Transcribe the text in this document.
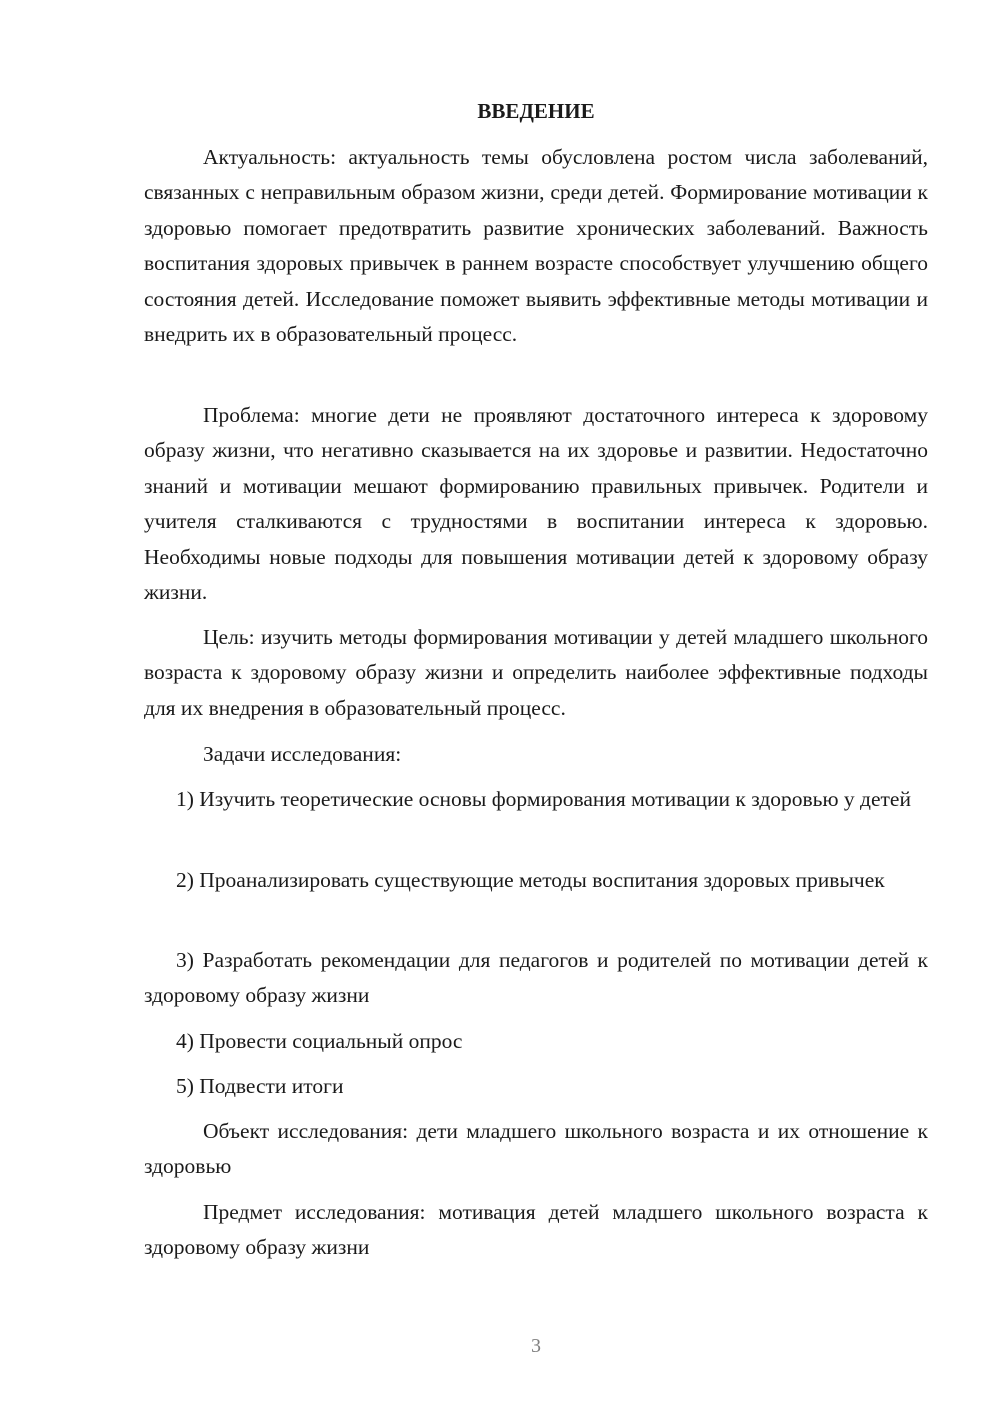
ВВЕДЕНИЕ

Актуальность: актуальность темы обусловлена ростом числа заболеваний, связанных с неправильным образом жизни, среди детей. Формирование мотивации к здоровью помогает предотвратить развитие хронических заболеваний. Важность воспитания здоровых привычек в раннем возрасте способствует улучшению общего состояния детей. Исследование поможет выявить эффективные методы мотивации и внедрить их в образовательный процесс.

Проблема: многие дети не проявляют достаточного интереса к здоровому образу жизни, что негативно сказывается на их здоровье и развитии. Недостаточно знаний и мотивации мешают формированию правильных привычек. Родители и учителя сталкиваются с трудностями в воспитании интереса к здоровью. Необходимы новые подходы для повышения мотивации детей к здоровому образу жизни.

Цель: изучить методы формирования мотивации у детей младшего школьного возраста к здоровому образу жизни и определить наиболее эффективные подходы для их внедрения в образовательный процесс.

Задачи исследования:

1) Изучить теоретические основы формирования мотивации к здоровью у детей

2) Проанализировать существующие методы воспитания здоровых привычек

3) Разработать рекомендации для педагогов и родителей по мотивации детей к здоровому образу жизни

4) Провести социальный опрос

5) Подвести итоги

Объект исследования: дети младшего школьного возраста и их отношение к здоровью

Предмет исследования: мотивация детей младшего школьного возраста к здоровому образу жизни

3
